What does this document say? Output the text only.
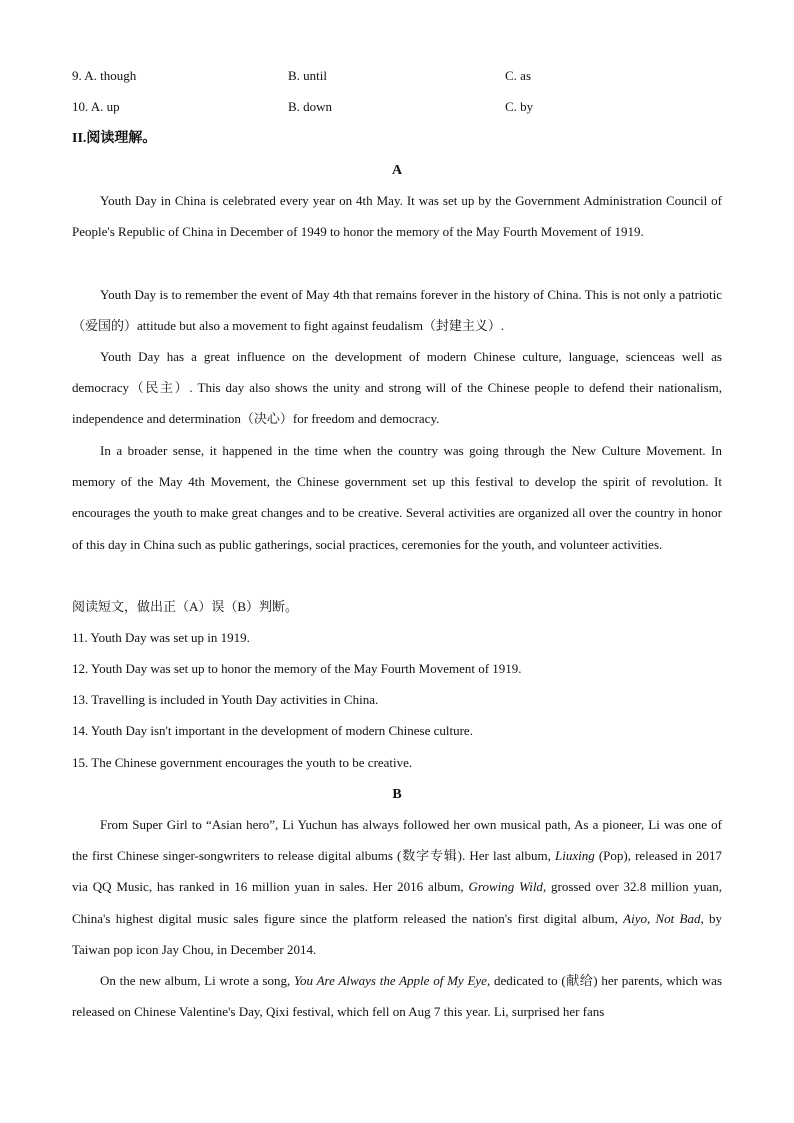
9. A. though	B. until	C. as
10. A. up	B. down	C. by
II.阅读理解。
A
Youth Day in China is celebrated every year on 4th May. It was set up by the Government Administration Council of People's Republic of China in December of 1949 to honor the memory of the May Fourth Movement of 1919.
Youth Day is to remember the event of May 4th that remains forever in the history of China. This is not only a patriotic（爱国的）attitude but also a movement to fight against feudalism（封建主义）.
Youth Day has a great influence on the development of modern Chinese culture, language, scienceas well as democracy（民主）. This day also shows the unity and strong will of the Chinese people to defend their nationalism, independence and determination（决心）for freedom and democracy.
In a broader sense, it happened in the time when the country was going through the New Culture Movement. In memory of the May 4th Movement, the Chinese government set up this festival to develop the spirit of revolution. It encourages the youth to make great changes and to be creative. Several activities are organized all over the country in honor of this day in China such as public gatherings, social practices, ceremonies for the youth, and volunteer activities.
阅读短文，做出正（A）误（B）判断。
11. Youth Day was set up in 1919.
12. Youth Day was set up to honor the memory of the May Fourth Movement of 1919.
13. Travelling is included in Youth Day activities in China.
14. Youth Day isn't important in the development of modern Chinese culture.
15. The Chinese government encourages the youth to be creative.
B
From Super Girl to “Asian hero”, Li Yuchun has always followed her own musical path, As a pioneer, Li was one of the first Chinese singer-songwriters to release digital albums (数字专辑). Her last album, Liuxing (Pop), released in 2017 via QQ Music, has ranked in 16 million yuan in sales. Her 2016 album, Growing Wild, grossed over 32.8 million yuan, China's highest digital music sales figure since the platform released the nation's first digital album, Aiyo, Not Bad, by Taiwan pop icon Jay Chou, in December 2014.
On the new album, Li wrote a song, You Are Always the Apple of My Eye, dedicated to (献给) her parents, which was released on Chinese Valentine's Day, Qixi festival, which fell on Aug 7 this year. Li, surprised her fans
